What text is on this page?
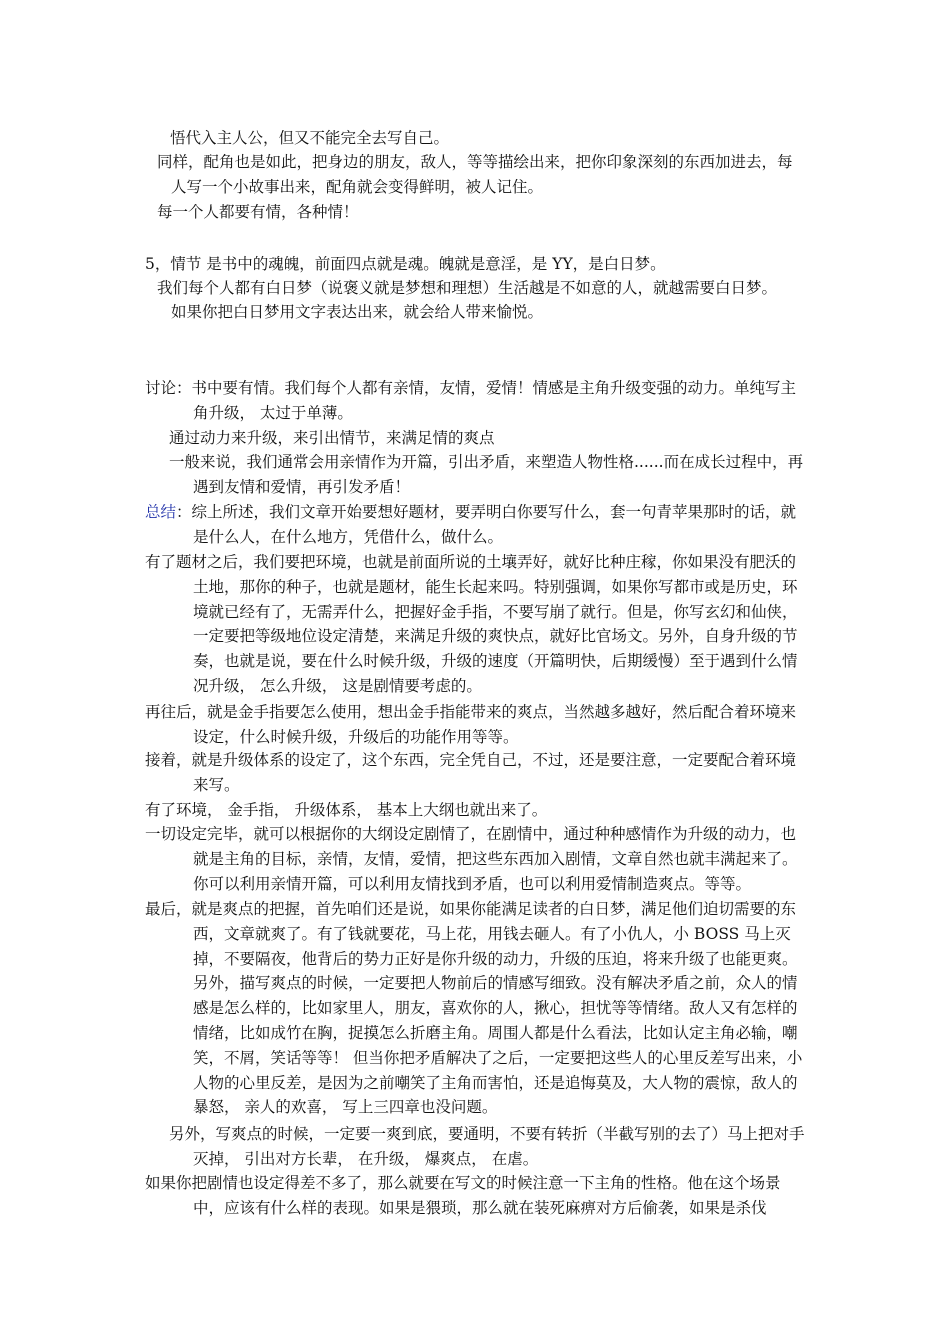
悟代入主人公，但又不能完全去写自己。
同样，配角也是如此，把身边的朋友，敌人，等等描绘出来，把你印象深刻的东西加进去，每人写一个小故事出来，配角就会变得鲜明，被人记住。
每一个人都要有情，各种情！
5，情节 是书中的魂魄，前面四点就是魂。魄就是意淫，是 YY，是白日梦。
我们每个人都有白日梦（说褒义就是梦想和理想）生活越是不如意的人，就越需要白日梦。
如果你把白日梦用文字表达出来，就会给人带来愉悦。
讨论：书中要有情。我们每个人都有亲情，友情，爱情！情感是主角升级变强的动力。单纯写主角升级， 太过于单薄。
通过动力来升级，来引出情节，来满足情的爽点
一般来说，我们通常会用亲情作为开篇，引出矛盾，来塑造人物性格......而在成长过程中，再遇到友情和爱情，再引发矛盾！
总结：综上所述，我们文章开始要想好题材，要弄明白你要写什么，套一句青苹果那时的话，就是什么人，在什么地方，凭借什么，做什么。
有了题材之后，我们要把环境，也就是前面所说的土壤弄好，就好比种庄稼，你如果没有肥沃的土地，那你的种子，也就是题材，能生长起来吗。特别强调，如果你写都市或是历史，环境就已经有了，无需弄什么，把握好金手指，不要写崩了就行。但是，你写玄幻和仙侠，一定要把等级地位设定清楚，来满足升级的爽快点，就好比官场文。另外，自身升级的节奏，也就是说，要在什么时候升级，升级的速度（开篇明快，后期缓慢）至于遇到什么情况升级， 怎么升级， 这是剧情要考虑的。
再往后，就是金手指要怎么使用，想出金手指能带来的爽点，当然越多越好，然后配合着环境来设定，什么时候升级，升级后的功能作用等等。
接着，就是升级体系的设定了，这个东西，完全凭自己，不过，还是要注意，一定要配合着环境来写。
有了环境， 金手指， 升级体系， 基本上大纲也就出来了。
一切设定完毕，就可以根据你的大纲设定剧情了，在剧情中，通过种种感情作为升级的动力，也就是主角的目标，亲情，友情，爱情，把这些东西加入剧情，文章自然也就丰满起来了。你可以利用亲情开篇，可以利用友情找到矛盾，也可以利用爱情制造爽点。等等。
最后，就是爽点的把握，首先咱们还是说，如果你能满足读者的白日梦，满足他们迫切需要的东西，文章就爽了。有了钱就要花，马上花，用钱去砸人。有了小仇人，小 BOSS 马上灭掉，不要隔夜，他背后的势力正好是你升级的动力，升级的压迫，将来升级了也能更爽。另外，描写爽点的时候，一定要把人物前后的情感写细致。没有解决矛盾之前，众人的情感是怎么样的，比如家里人，朋友，喜欢你的人，揪心，担忧等等情绪。敌人又有怎样的情绪，比如成竹在胸，捉摸怎么折磨主角。周围人都是什么看法，比如认定主角必输，嘲笑，不屑，笑话等等！ 但当你把矛盾解决了之后，一定要把这些人的心里反差写出来，小人物的心里反差，是因为之前嘲笑了主角而害怕，还是追悔莫及，大人物的震惊，敌人的暴怒， 亲人的欢喜， 写上三四章也没问题。
另外，写爽点的时候，一定要一爽到底，要通明，不要有转折（半截写别的去了）马上把对手灭掉， 引出对方长辈， 在升级， 爆爽点， 在虐。
如果你把剧情也设定得差不多了，那么就要在写文的时候注意一下主角的性格。他在这个场景中，应该有什么样的表现。如果是猥琐，那么就在装死麻痹对方后偷袭，如果是杀伐
